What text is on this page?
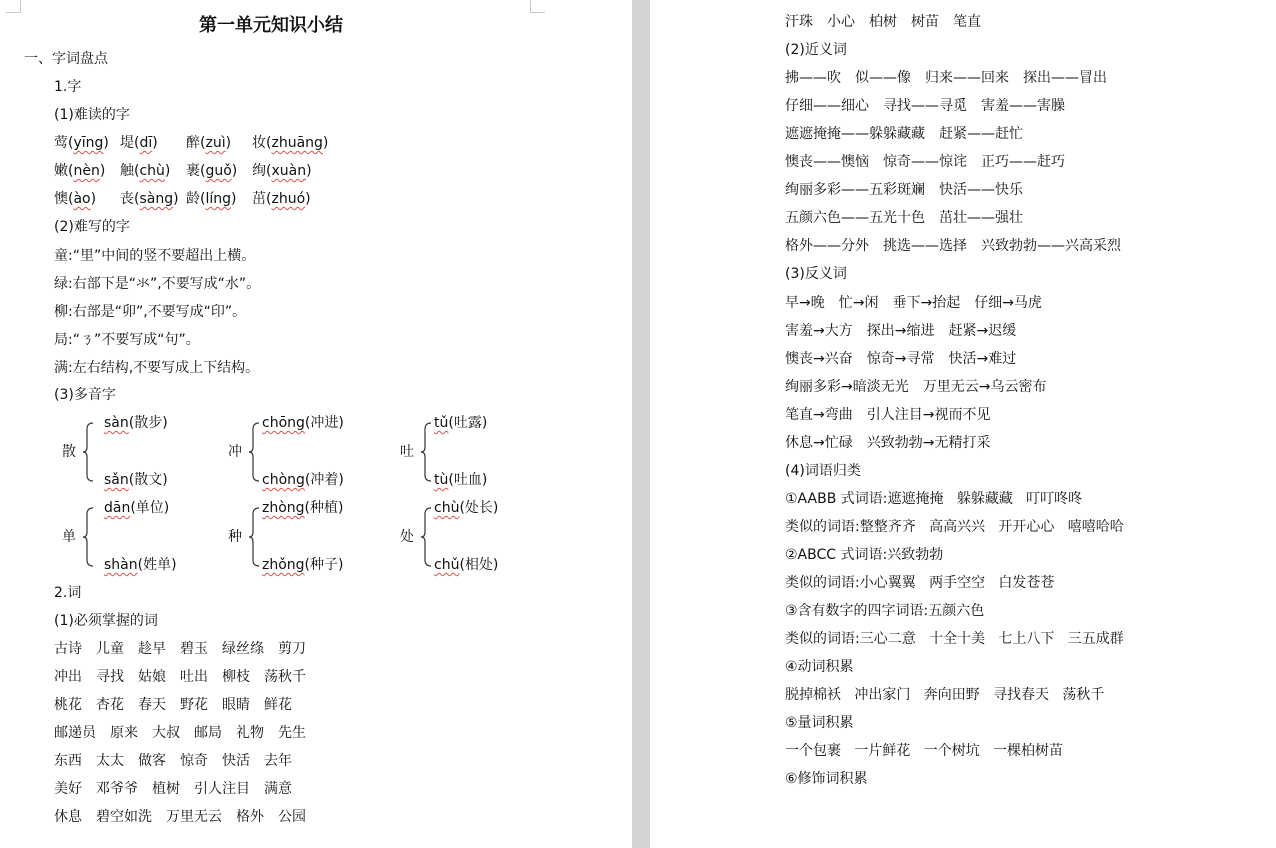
第一单元知识小结
一、字词盘点
1.字
(1)难读的字
莺(yīng) 堤(dī) 醉(zuì) 妆(zhuāng)
嫩(nèn) 触(chù) 裹(guǒ) 绚(xuàn)
懊(ào) 丧(sàng) 龄(líng) 茁(zhuó)
(2)难写的字
童:“里”中间的竖不要超出上横。
绿:右部下是“氺”,不要写成“水”。
柳:右部是“卯”,不要写成“印”。
局:“ㄋ”不要写成“句”。
满:左右结构,不要写成上下结构。
(3)多音字
散
sàn(散步)
sǎn(散文)
冲
chōng(冲进)
chòng(冲着)
吐
tǔ(吐露)
tù(吐血)
单
dān(单位)
shàn(姓单)
种
zhòng(种植)
zhǒng(种子)
处
chù(处长)
chǔ(相处)
2.词
(1)必须掌握的词
古诗 儿童 趁早 碧玉 绿丝绦 剪刀
冲出 寻找 姑娘 吐出 柳枝 荡秋千
桃花 杏花 春天 野花 眼睛 鲜花
邮递员 原来 大叔 邮局 礼物 先生
东西 太太 做客 惊奇 快活 去年
美好 邓爷爷 植树 引人注目 满意
休息 碧空如洗 万里无云 格外 公园
汗珠 小心 柏树 树苗 笔直
(2)近义词
拂——吹 似——像 归来——回来 探出——冒出
仔细——细心 寻找——寻觅 害羞——害臊
遮遮掩掩——躲躲藏藏 赶紧——赶忙
懊丧——懊恼 惊奇——惊诧 正巧——赶巧
绚丽多彩——五彩斑斓 快活——快乐
五颜六色——五光十色 茁壮——强壮
格外——分外 挑选——选择 兴致勃勃——兴高采烈
(3)反义词
早→晚 忙→闲 垂下→抬起 仔细→马虎
害羞→大方 探出→缩进 赶紧→迟缓
懊丧→兴奋 惊奇→寻常 快活→难过
绚丽多彩→暗淡无光 万里无云→乌云密布
笔直→弯曲 引人注目→视而不见
休息→忙碌 兴致勃勃→无精打采
(4)词语归类
①AABB 式词语:遮遮掩掩   躲躲藏藏   叮叮咚咚
类似的词语:整整齐齐   高高兴兴   开开心心   嘻嘻哈哈
②ABCC 式词语:兴致勃勃
类似的词语:小心翼翼   两手空空   白发苍苍
③含有数字的四字词语:五颜六色
类似的词语:三心二意   十全十美   七上八下   三五成群
④动词积累
脱掉棉袄   冲出家门   奔向田野   寻找春天   荡秋千
⑤量词积累
一个包裹   一片鲜花   一个树坑   一棵柏树苗
⑥修饰词积累
